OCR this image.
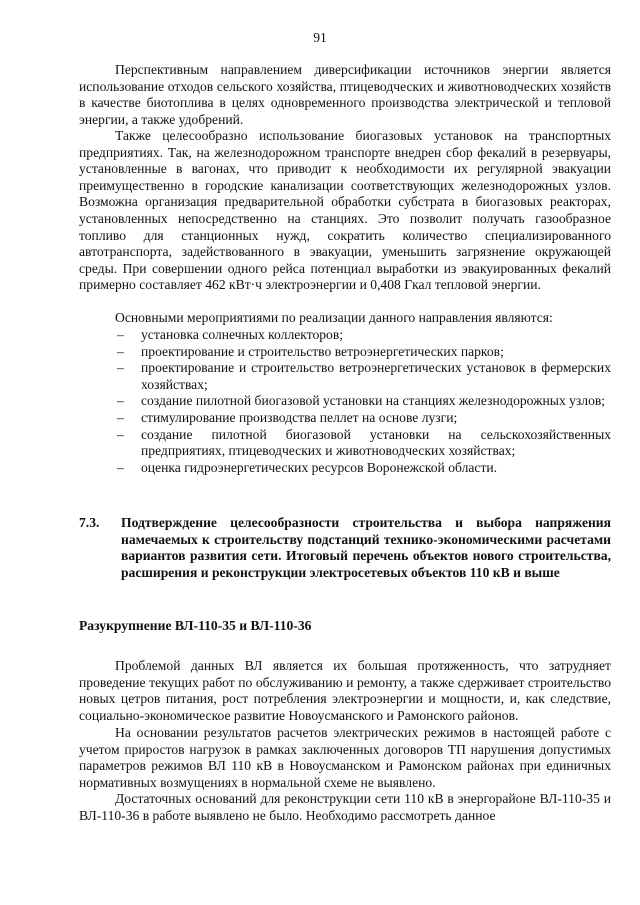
91

Перспективным направлением диверсификации источников энергии является использование отходов сельского хозяйства, птицеводческих и животноводческих хозяйств в качестве биотоплива в целях одновременного производства электрической и тепловой энергии, а также удобрений.

Также целесообразно использование биогазовых установок на транспортных предприятиях. Так, на железнодорожном транспорте внедрен сбор фекалий в резервуары, установленные в вагонах, что приводит к необходимости их регулярной эвакуации преимущественно в городские канализации соответствующих железнодорожных узлов. Возможна организация предварительной обработки субстрата в биогазовых реакторах, установленных непосредственно на станциях. Это позволит получать газообразное топливо для станционных нужд, сократить количество специализированного автотранспорта, задействованного в эвакуации, уменьшить загрязнение окружающей среды. При совершении одного рейса потенциал выработки из эвакуированных фекалий примерно составляет 462 кВт·ч электроэнергии и 0,408 Гкал тепловой энергии.

Основными мероприятиями по реализации данного направления являются:

– установка солнечных коллекторов;
– проектирование и строительство ветроэнергетических парков;
– проектирование и строительство ветроэнергетических установок в фермерских хозяйствах;
– создание пилотной биогазовой установки на станциях железнодорожных узлов;
– стимулирование производства пеллет на основе лузги;
– создание пилотной биогазовой установки на сельскохозяйственных предприятиях, птицеводческих и животноводческих хозяйствах;
– оценка гидроэнергетических ресурсов Воронежской области.
7.3. Подтверждение целесообразности строительства и выбора напряжения намечаемых к строительству подстанций технико-экономическими расчетами вариантов развития сети. Итоговый перечень объектов нового строительства, расширения и реконструкции электросетевых объектов 110 кВ и выше
Разукрупнение ВЛ-110-35 и ВЛ-110-36

Проблемой данных ВЛ является их большая протяженность, что затрудняет проведение текущих работ по обслуживанию и ремонту, а также сдерживает строительство новых цетров питания, рост потребления электроэнергии и мощности, и, как следствие, социально-экономическое развитие Новоусманского и Рамонского районов.

На основании результатов расчетов электрических режимов в настоящей работе с учетом приростов нагрузок в рамках заключенных договоров ТП нарушения допустимых параметров режимов ВЛ 110 кВ в Новоусманском и Рамонском районах при единичных нормативных возмущениях в нормальной схеме не выявлено.

Достаточных оснований для реконструкции сети 110 кВ в энергорайоне ВЛ-110-35 и ВЛ-110-36 в работе выявлено не было. Необходимо рассмотреть данное
